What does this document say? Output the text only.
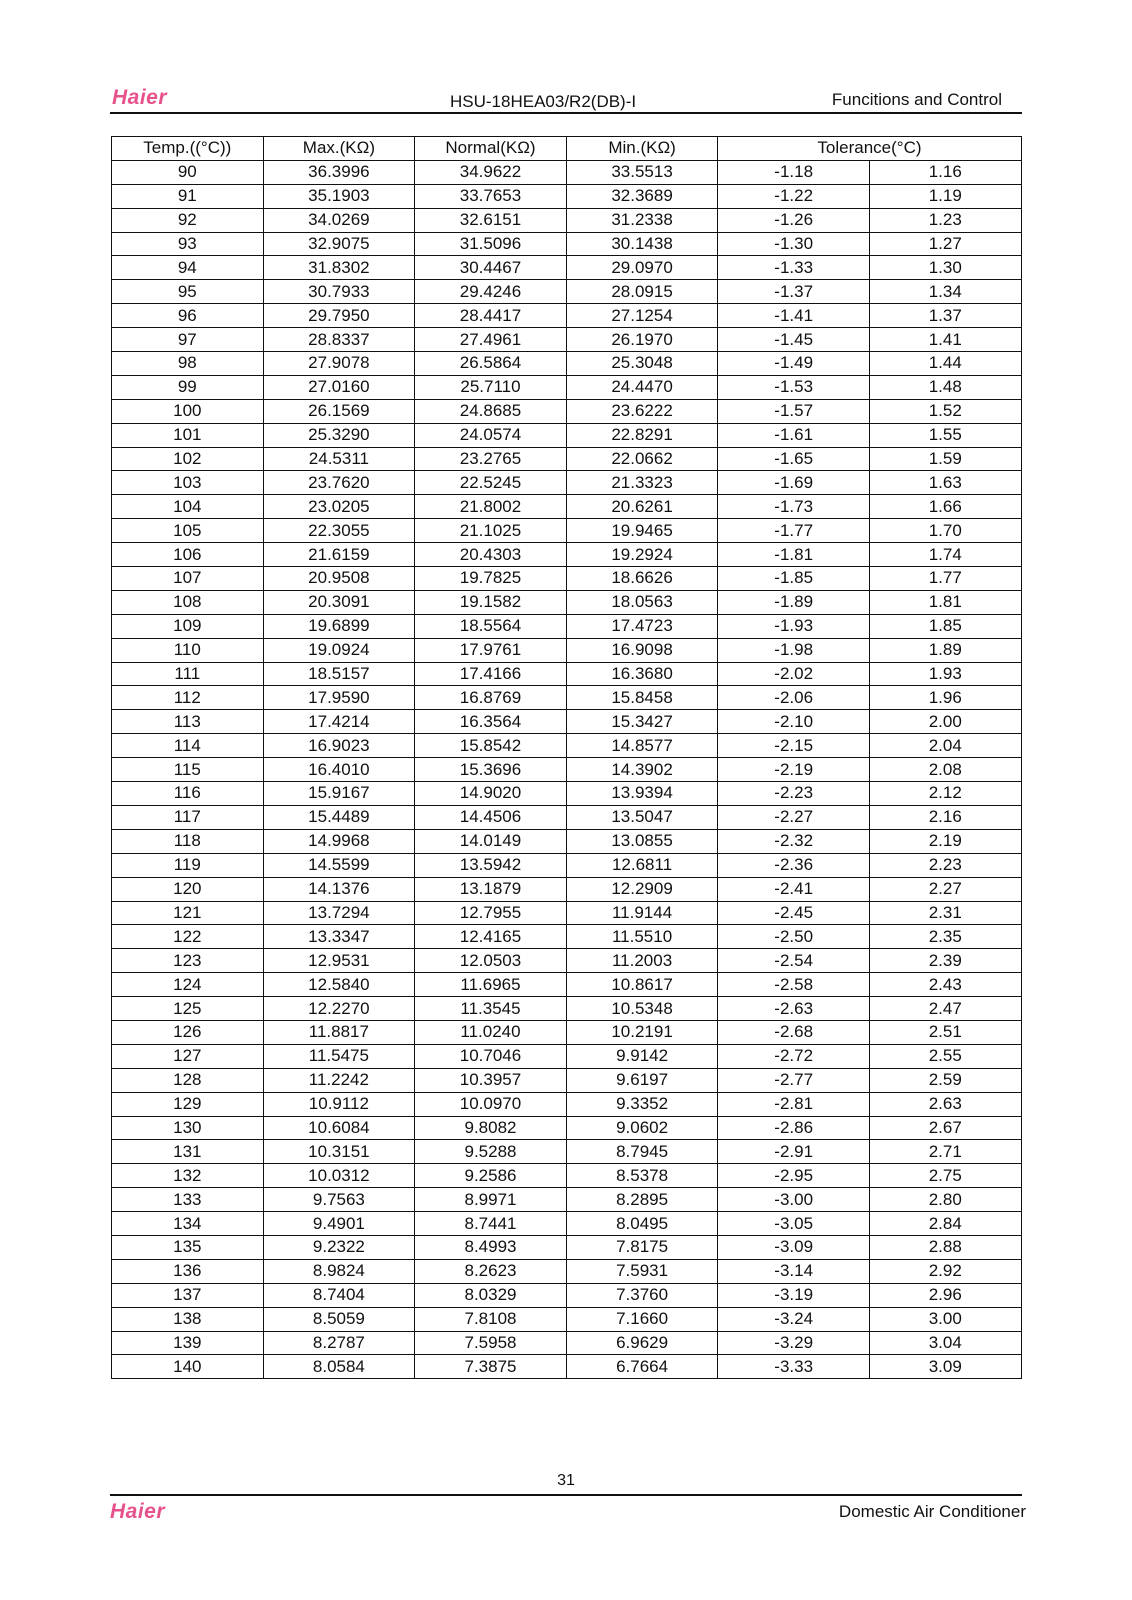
Haier	HSU-18HEA03/R2(DB)-I	Funcitions and Control
Temp.((°C))	Max.(KΩ)	Normal(KΩ)	Min.(KΩ)	Tolerance(°C)	
90	36.3996	34.9622	33.5513	-1.18	1.16
91	35.1903	33.7653	32.3689	-1.22	1.19
92	34.0269	32.6151	31.2338	-1.26	1.23
93	32.9075	31.5096	30.1438	-1.30	1.27
94	31.8302	30.4467	29.0970	-1.33	1.30
95	30.7933	29.4246	28.0915	-1.37	1.34
96	29.7950	28.4417	27.1254	-1.41	1.37
97	28.8337	27.4961	26.1970	-1.45	1.41
98	27.9078	26.5864	25.3048	-1.49	1.44
99	27.0160	25.7110	24.4470	-1.53	1.48
100	26.1569	24.8685	23.6222	-1.57	1.52
101	25.3290	24.0574	22.8291	-1.61	1.55
102	24.5311	23.2765	22.0662	-1.65	1.59
103	23.7620	22.5245	21.3323	-1.69	1.63
104	23.0205	21.8002	20.6261	-1.73	1.66
105	22.3055	21.1025	19.9465	-1.77	1.70
106	21.6159	20.4303	19.2924	-1.81	1.74
107	20.9508	19.7825	18.6626	-1.85	1.77
108	20.3091	19.1582	18.0563	-1.89	1.81
109	19.6899	18.5564	17.4723	-1.93	1.85
110	19.0924	17.9761	16.9098	-1.98	1.89
111	18.5157	17.4166	16.3680	-2.02	1.93
112	17.9590	16.8769	15.8458	-2.06	1.96
113	17.4214	16.3564	15.3427	-2.10	2.00
114	16.9023	15.8542	14.8577	-2.15	2.04
115	16.4010	15.3696	14.3902	-2.19	2.08
116	15.9167	14.9020	13.9394	-2.23	2.12
117	15.4489	14.4506	13.5047	-2.27	2.16
118	14.9968	14.0149	13.0855	-2.32	2.19
119	14.5599	13.5942	12.6811	-2.36	2.23
120	14.1376	13.1879	12.2909	-2.41	2.27
121	13.7294	12.7955	11.9144	-2.45	2.31
122	13.3347	12.4165	11.5510	-2.50	2.35
123	12.9531	12.0503	11.2003	-2.54	2.39
124	12.5840	11.6965	10.8617	-2.58	2.43
125	12.2270	11.3545	10.5348	-2.63	2.47
126	11.8817	11.0240	10.2191	-2.68	2.51
127	11.5475	10.7046	9.9142	-2.72	2.55
128	11.2242	10.3957	9.6197	-2.77	2.59
129	10.9112	10.0970	9.3352	-2.81	2.63
130	10.6084	9.8082	9.0602	-2.86	2.67
131	10.3151	9.5288	8.7945	-2.91	2.71
132	10.0312	9.2586	8.5378	-2.95	2.75
133	9.7563	8.9971	8.2895	-3.00	2.80
134	9.4901	8.7441	8.0495	-3.05	2.84
135	9.2322	8.4993	7.8175	-3.09	2.88
136	8.9824	8.2623	7.5931	-3.14	2.92
137	8.7404	8.0329	7.3760	-3.19	2.96
138	8.5059	7.8108	7.1660	-3.24	3.00
139	8.2787	7.5958	6.9629	-3.29	3.04
140	8.0584	7.3875	6.7664	-3.33	3.09
31
Haier	Domestic Air Conditioner
